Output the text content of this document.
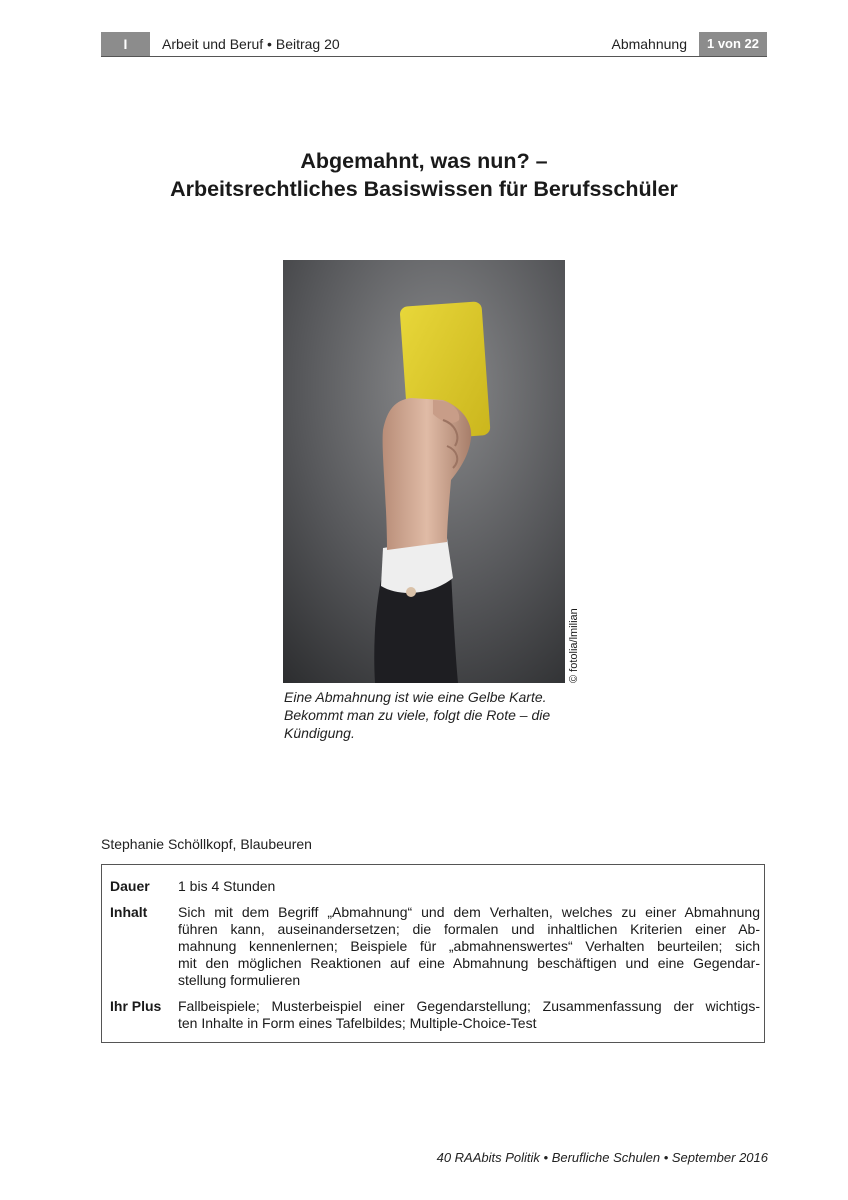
I	Arbeit und Beruf • Beitrag 20	Abmahnung	1 von 22
Abgemahnt, was nun? –
Arbeitsrechtliches Basiswissen für Berufsschüler
© fotolia/lmilian
Eine Abmahnung ist wie eine Gelbe Karte.
Bekommt man zu viele, folgt die Rote – die
Kündigung.
Stephanie Schöllkopf, Blaubeuren
Dauer 1 bis 4 Stunden
Inhalt Sich mit dem Begriff „Abmahnung“ und dem Verhalten, welches zu einer Abmahnung
führen kann, auseinandersetzen; die formalen und inhaltlichen Kriterien einer Ab-
mahnung kennenlernen; Beispiele für „abmahnenswertes“ Verhalten beurteilen; sich
mit den möglichen Reaktionen auf eine Abmahnung beschäftigen und eine Gegendar-
stellung formulieren
Ihr Plus Fallbeispiele; Musterbeispiel einer Gegendarstellung; Zusammenfassung der wichtigs-
ten Inhalte in Form eines Tafelbildes; Multiple-Choice-Test
40 RAAbits Politik • Berufliche Schulen • September 2016
